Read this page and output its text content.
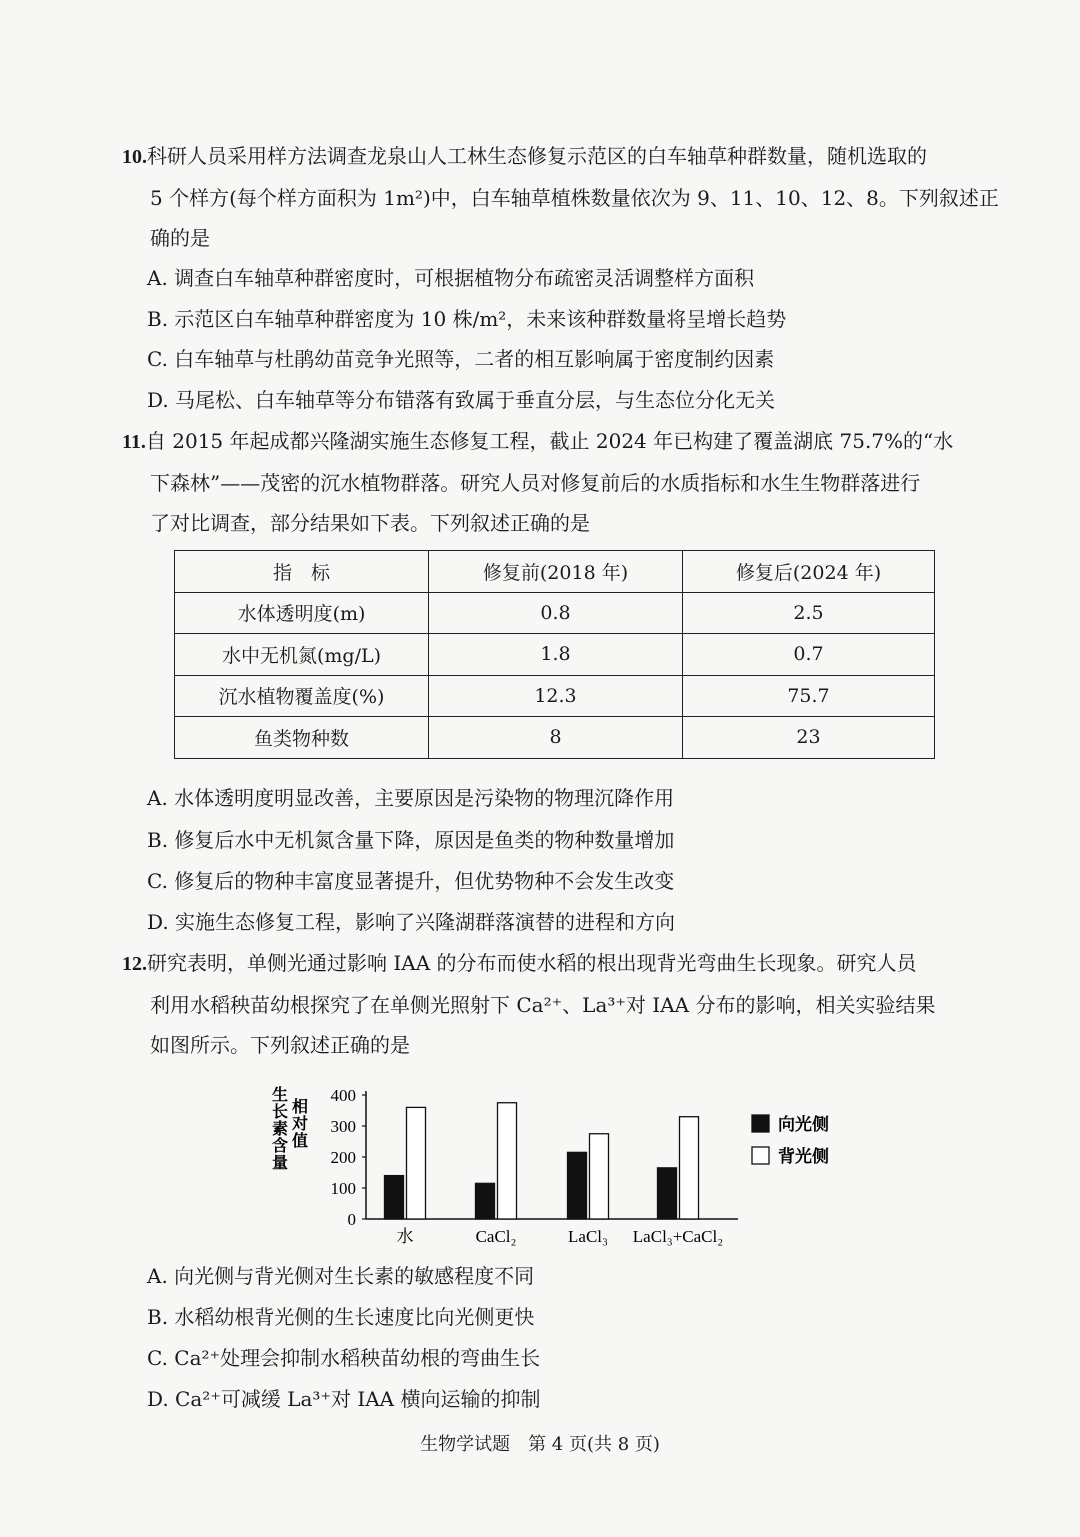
10.科研人员采用样方法调查龙泉山人工林生态修复示范区的白车轴草种群数量，随机选取的
5 个样方(每个样方面积为 1m²)中，白车轴草植株数量依次为 9、11、10、12、8。下列叙述正
确的是
A. 调查白车轴草种群密度时，可根据植物分布疏密灵活调整样方面积
B. 示范区白车轴草种群密度为 10 株/m²，未来该种群数量将呈增长趋势
C. 白车轴草与杜鹃幼苗竞争光照等，二者的相互影响属于密度制约因素
D. 马尾松、白车轴草等分布错落有致属于垂直分层，与生态位分化无关
11.自 2015 年起成都兴隆湖实施生态修复工程，截止 2024 年已构建了覆盖湖底 75.7%的“水
下森林”——茂密的沉水植物群落。研究人员对修复前后的水质指标和水生生物群落进行
了对比调查，部分结果如下表。下列叙述正确的是
指　标	修复前(2018 年)	修复后(2024 年)
水体透明度(m)	0.8	2.5
水中无机氮(mg/L)	1.8	0.7
沉水植物覆盖度(%)	12.3	75.7
鱼类物种数	8	23
A. 水体透明度明显改善，主要原因是污染物的物理沉降作用
B. 修复后水中无机氮含量下降，原因是鱼类的物种数量增加
C. 修复后的物种丰富度显著提升，但优势物种不会发生改变
D. 实施生态修复工程，影响了兴隆湖群落演替的进程和方向
12.研究表明，单侧光通过影响 IAA 的分布而使水稻的根出现背光弯曲生长现象。研究人员
利用水稻秧苗幼根探究了在单侧光照射下 Ca²⁺、La³⁺对 IAA 分布的影响，相关实验结果
如图所示。下列叙述正确的是
生长素含量相对值
0
100
200
300
400
水	CaCl₂	LaCl₃ LaCl₃+CaCl₂
向光侧
背光侧
A. 向光侧与背光侧对生长素的敏感程度不同
B. 水稻幼根背光侧的生长速度比向光侧更快
C. Ca²⁺处理会抑制水稻秧苗幼根的弯曲生长
D. Ca²⁺可减缓 La³⁺对 IAA 横向运输的抑制
生物学试题　第 4 页(共 8 页)
